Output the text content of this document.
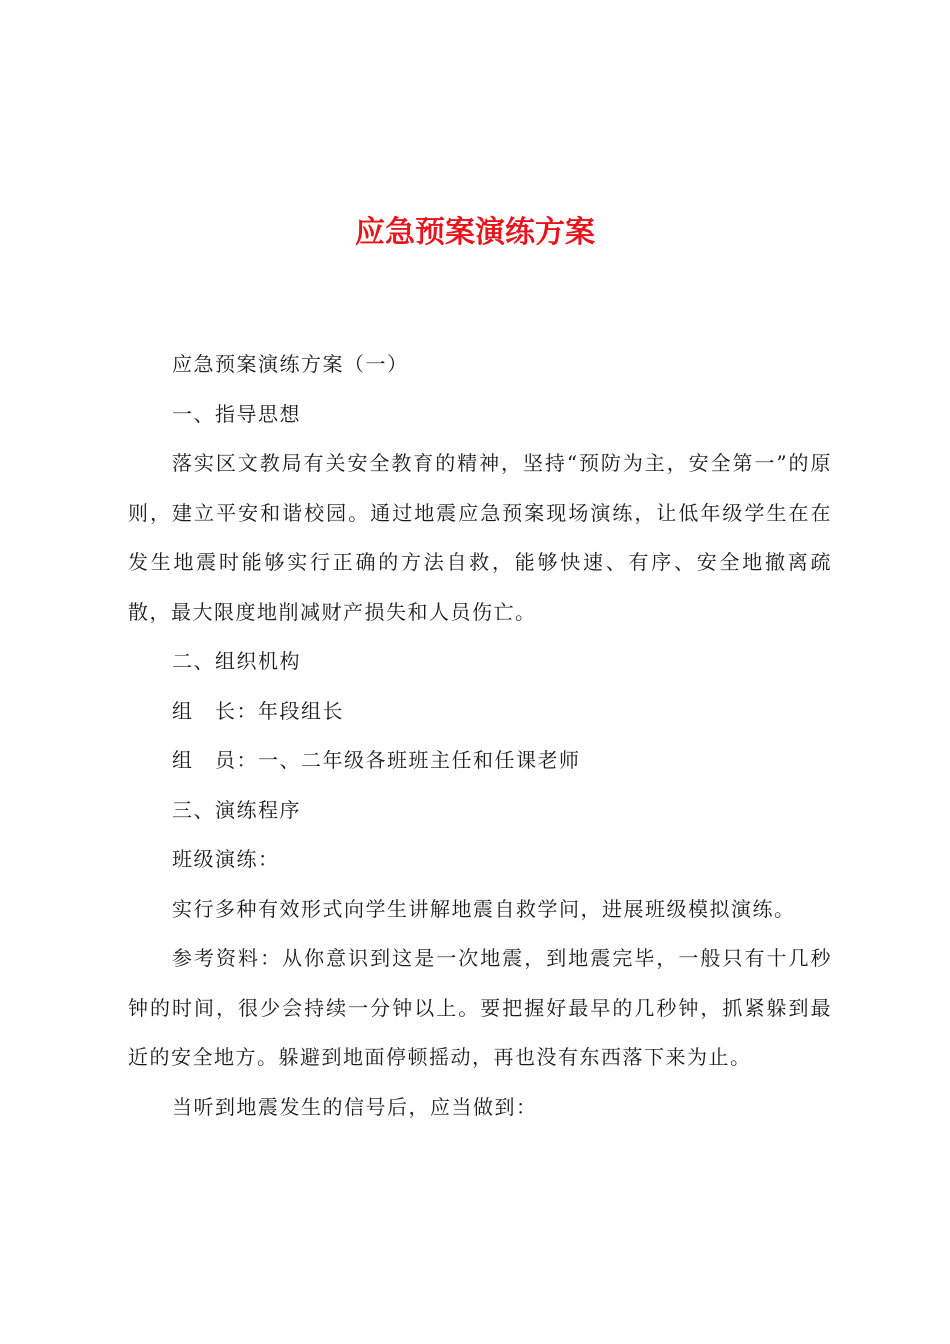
应急预案演练方案

应急预案演练方案（一）

一、指导思想

落实区文教局有关安全教育的精神，坚持“预防为主，安全第一”的原则，建立平安和谐校园。通过地震应急预案现场演练，让低年级学生在在发生地震时能够实行正确的方法自救，能够快速、有序、安全地撤离疏散，最大限度地削减财产损失和人员伤亡。

二、组织机构

组　长：年段组长

组　员：一、二年级各班班主任和任课老师

三、演练程序

班级演练：

实行多种有效形式向学生讲解地震自救学问，进展班级模拟演练。

参考资料：从你意识到这是一次地震，到地震完毕，一般只有十几秒钟的时间，很少会持续一分钟以上。要把握好最早的几秒钟，抓紧躲到最近的安全地方。躲避到地面停顿摇动，再也没有东西落下来为止。

当听到地震发生的信号后，应当做到：
